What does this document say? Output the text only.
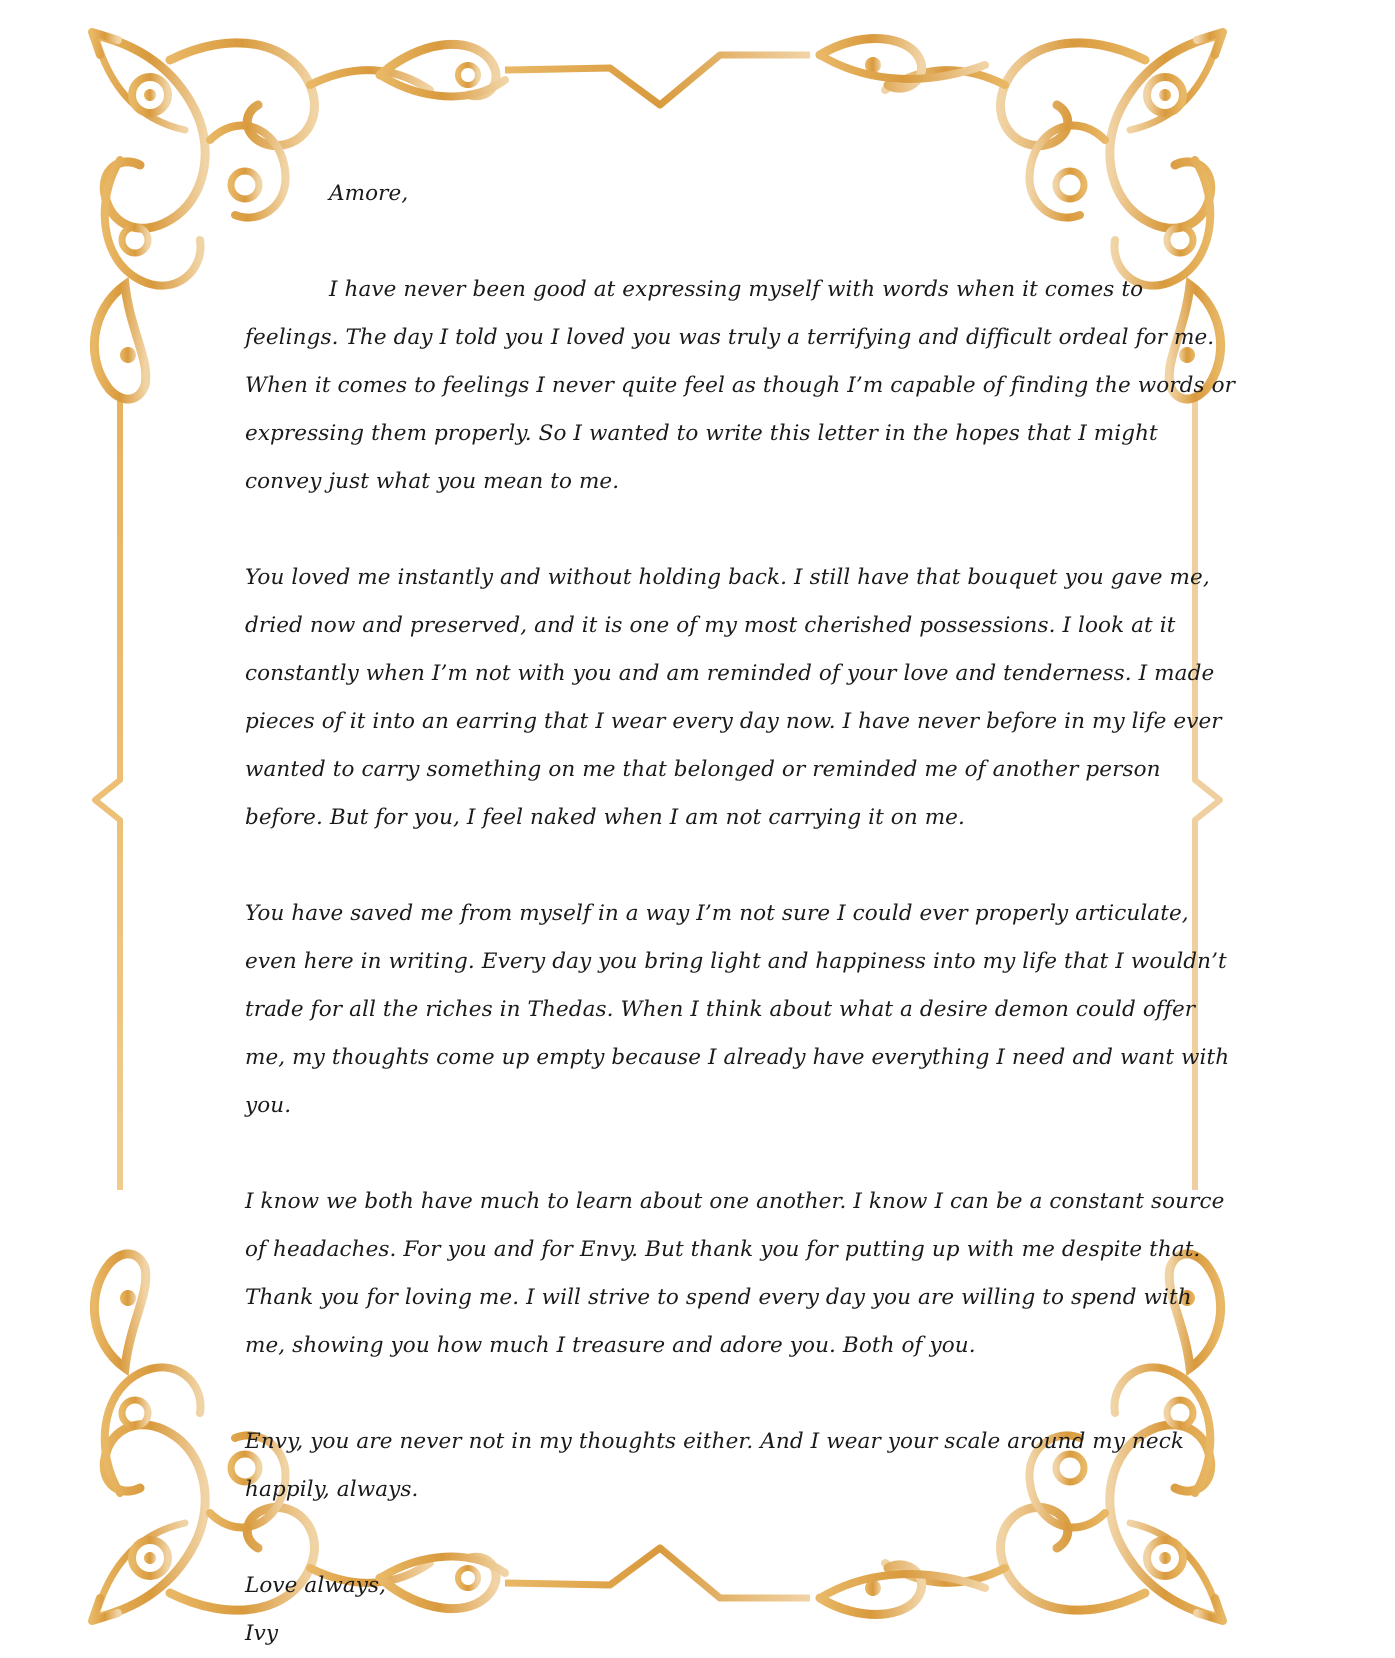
Amore,

I have never been good at expressing myself with words when it comes to feelings. The day I told you I loved you was truly a terrifying and difficult ordeal for me. When it comes to feelings I never quite feel as though I’m capable of finding the words or expressing them properly. So I wanted to write this letter in the hopes that I might convey just what you mean to me.

You loved me instantly and without holding back. I still have that bouquet you gave me, dried now and preserved, and it is one of my most cherished possessions. I look at it constantly when I’m not with you and am reminded of your love and tenderness. I made pieces of it into an earring that I wear every day now. I have never before in my life ever wanted to carry something on me that belonged or reminded me of another person before. But for you, I feel naked when I am not carrying it on me.

You have saved me from myself in a way I’m not sure I could ever properly articulate, even here in writing. Every day you bring light and happiness into my life that I wouldn’t trade for all the riches in Thedas. When I think about what a desire demon could offer me, my thoughts come up empty because I already have everything I need and want with you.

I know we both have much to learn about one another. I know I can be a constant source of headaches. For you and for Envy. But thank you for putting up with me despite that. Thank you for loving me. I will strive to spend every day you are willing to spend with me, showing you how much I treasure and adore you. Both of you.

Envy, you are never not in my thoughts either. And I wear your scale around my neck happily, always.

Love always,

Ivy
